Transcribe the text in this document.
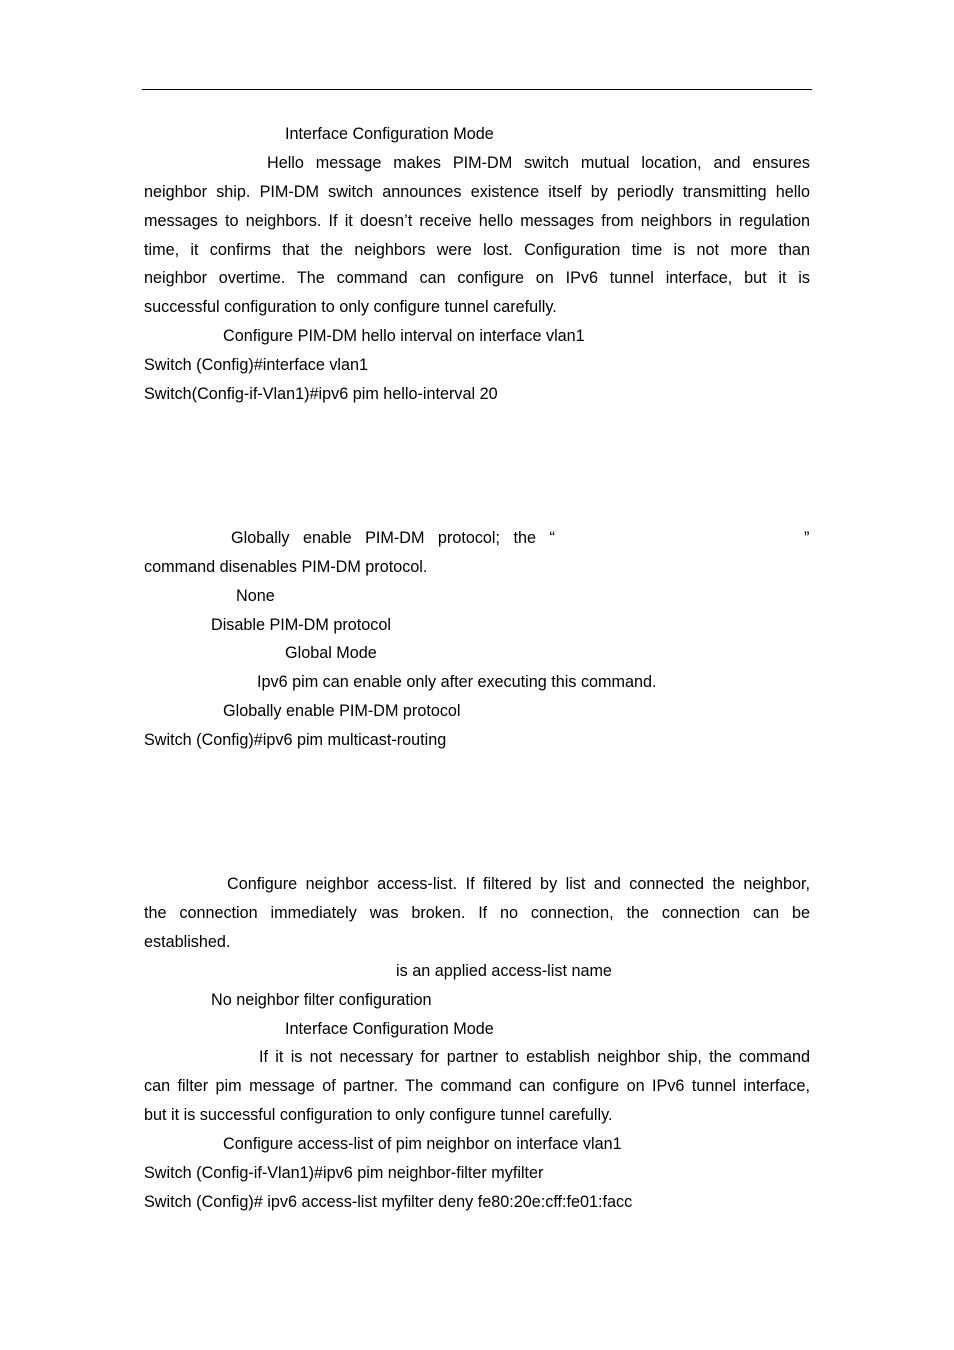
Interface Configuration Mode
Hello message makes PIM-DM switch mutual location, and ensures
neighbor ship. PIM-DM switch announces existence itself by periodly transmitting hello
messages to neighbors. If it doesn’t receive hello messages from neighbors in regulation
time, it confirms that the neighbors were lost. Configuration time is not more than
neighbor overtime. The command can configure on IPv6 tunnel interface, but it is
successful configuration to only configure tunnel carefully.
Configure PIM-DM hello interval on interface vlan1
Switch (Config)#interface vlan1
Switch(Config-if-Vlan1)#ipv6 pim hello-interval 20
Globally enable PIM-DM protocol; the “	”
command disenables PIM-DM protocol.
None
Disable PIM-DM protocol
Global Mode
Ipv6 pim can enable only after executing this command.
Globally enable PIM-DM protocol
Switch (Config)#ipv6 pim multicast-routing
Configure neighbor access-list. If filtered by list and connected the neighbor,
the connection immediately was broken. If no connection, the connection can be
established.
is an applied access-list name
No neighbor filter configuration
Interface Configuration Mode
If it is not necessary for partner to establish neighbor ship, the command
can filter pim message of partner. The command can configure on IPv6 tunnel interface,
but it is successful configuration to only configure tunnel carefully.
Configure access-list of pim neighbor on interface vlan1
Switch (Config-if-Vlan1)#ipv6 pim neighbor-filter myfilter
Switch (Config)# ipv6 access-list myfilter deny fe80:20e:cff:fe01:facc
